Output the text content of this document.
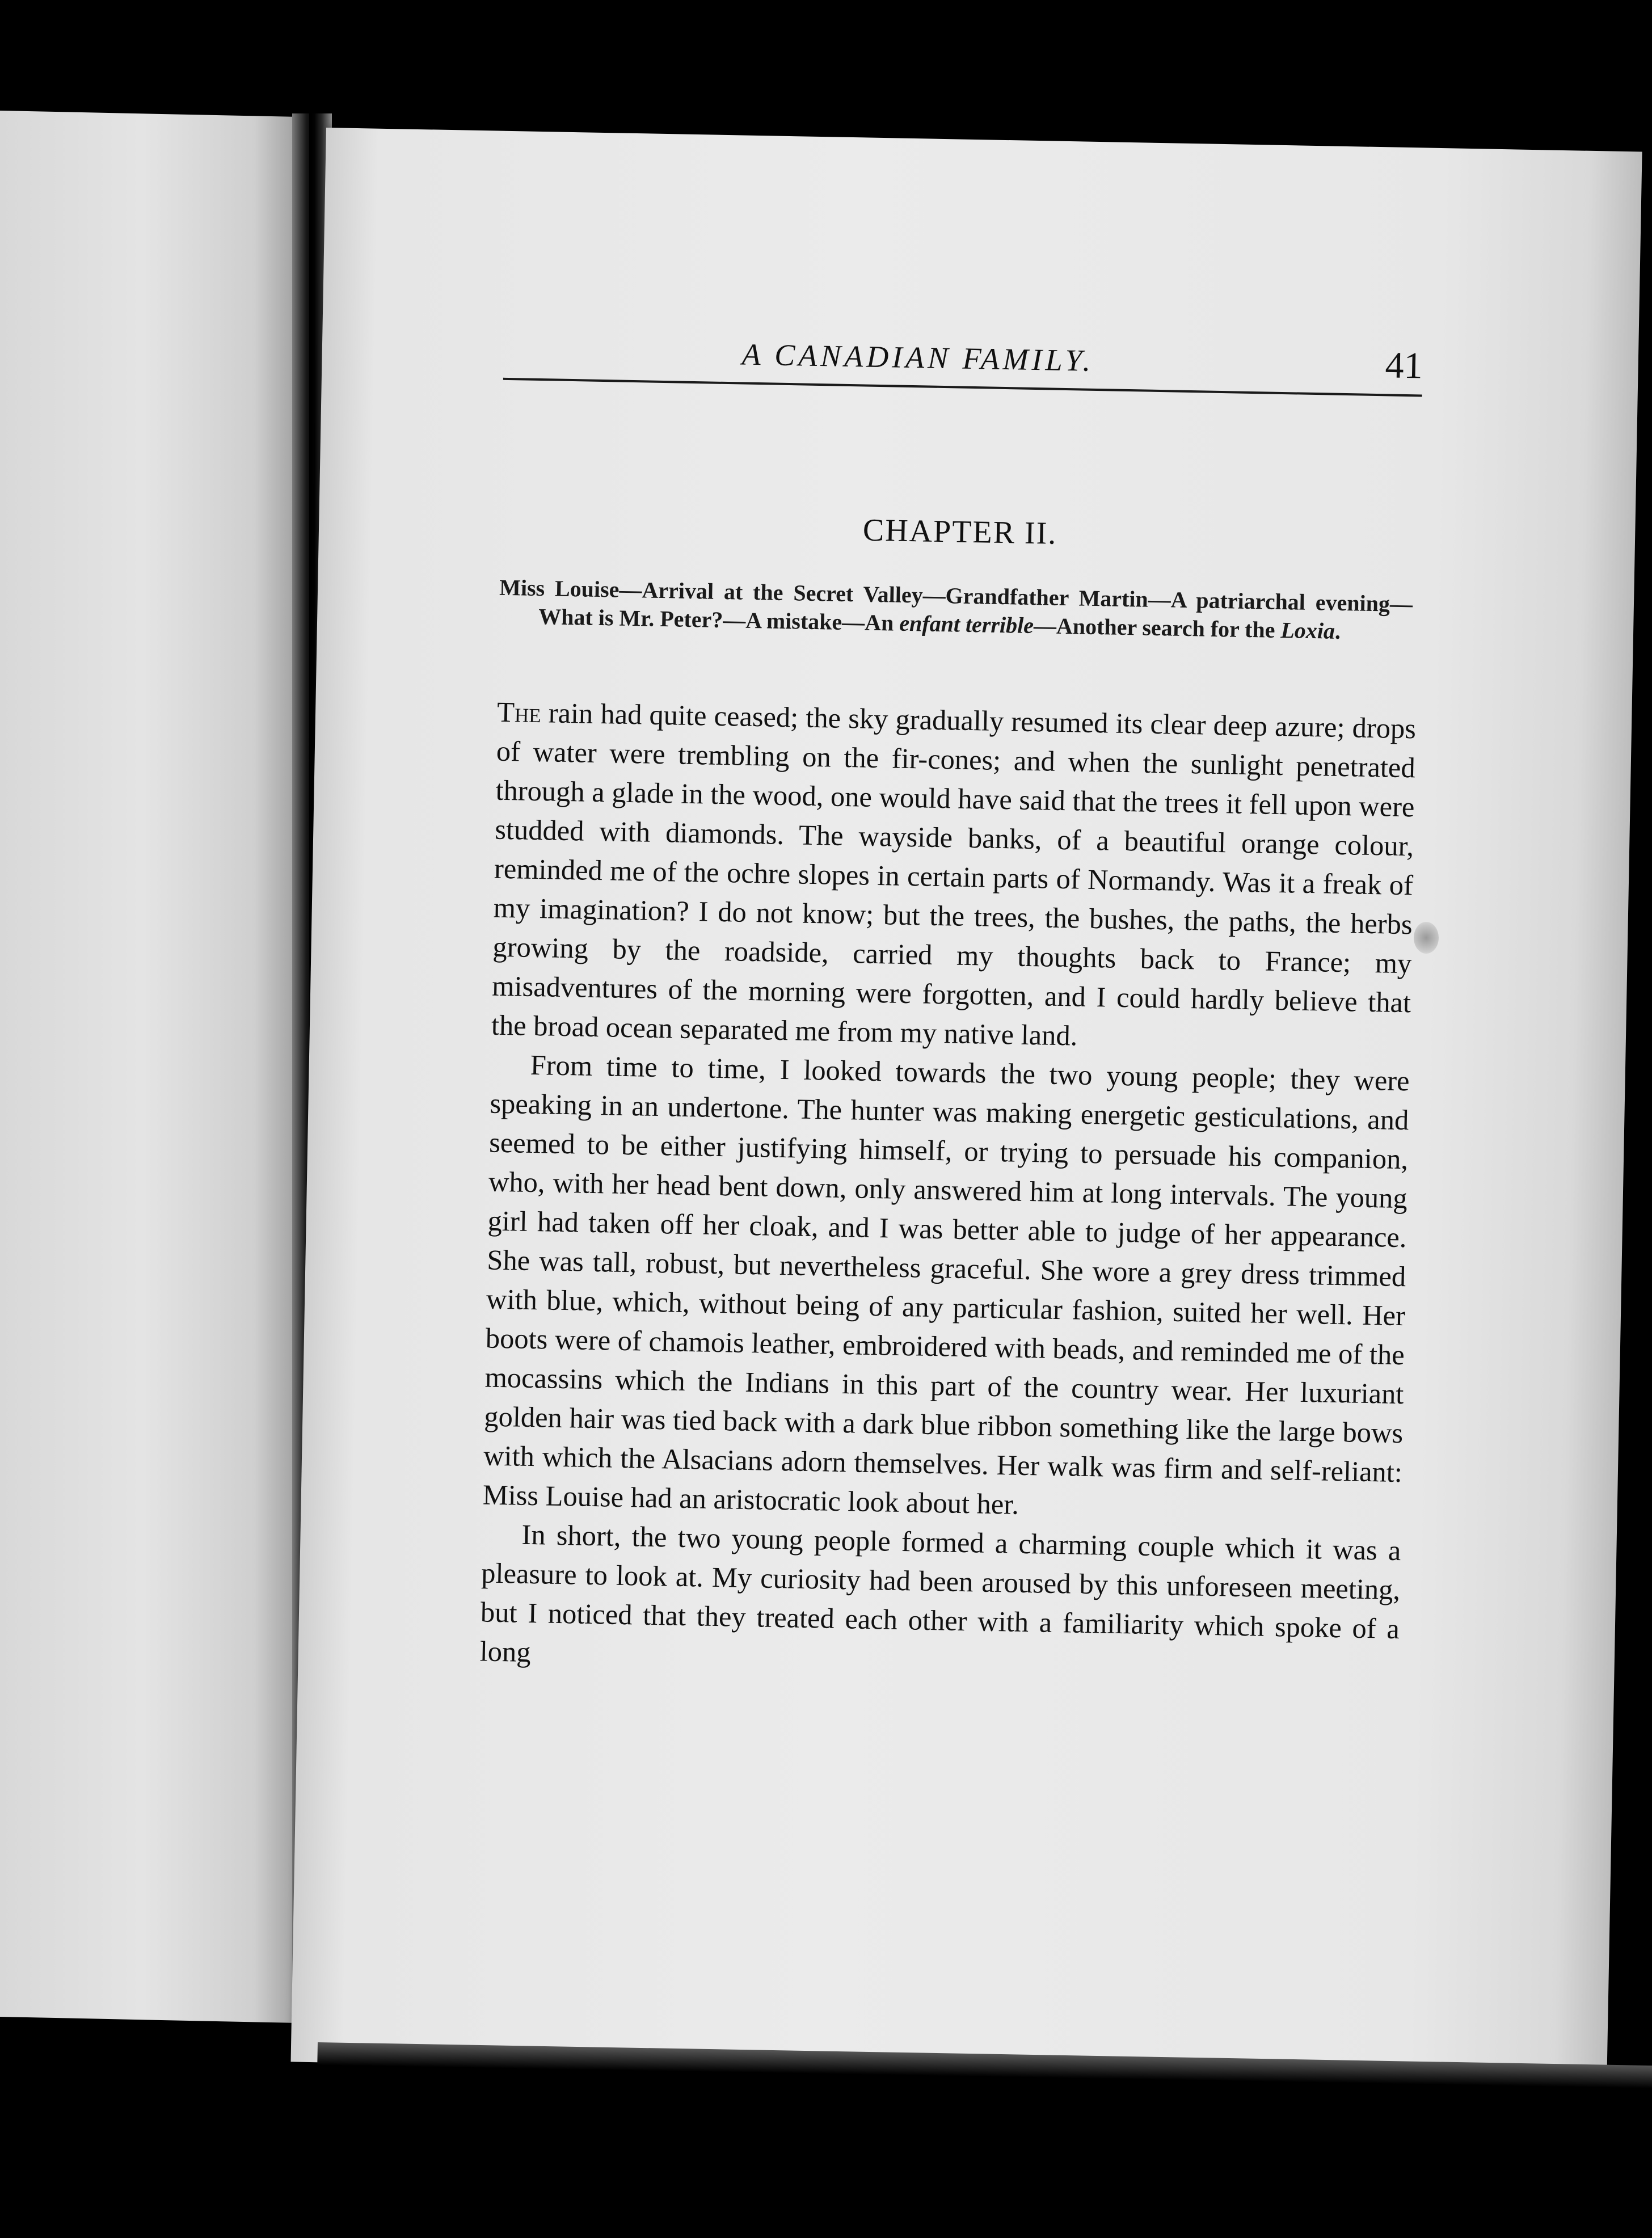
A CANADIAN FAMILY.	41
CHAPTER II.
Miss Louise—Arrival at the Secret Valley—Grandfather Martin—A patriarchal evening—What is Mr. Peter?—A mistake—An enfant terrible—Another search for the Loxia.

The rain had quite ceased; the sky gradually resumed its clear deep azure; drops of water were trembling on the fir-cones; and when the sunlight penetrated through a glade in the wood, one would have said that the trees it fell upon were studded with diamonds. The wayside banks, of a beautiful orange colour, reminded me of the ochre slopes in certain parts of Normandy. Was it a freak of my imagination? I do not know; but the trees, the bushes, the paths, the herbs growing by the roadside, carried my thoughts back to France; my misadventures of the morning were forgotten, and I could hardly believe that the broad ocean separated me from my native land.

From time to time, I looked towards the two young people; they were speaking in an undertone. The hunter was making energetic gesticulations, and seemed to be either justifying himself, or trying to persuade his companion, who, with her head bent down, only answered him at long intervals. The young girl had taken off her cloak, and I was better able to judge of her appearance. She was tall, robust, but nevertheless graceful. She wore a grey dress trimmed with blue, which, without being of any particular fashion, suited her well. Her boots were of chamois leather, embroidered with beads, and reminded me of the mocassins which the Indians in this part of the country wear. Her luxuriant golden hair was tied back with a dark blue ribbon something like the large bows with which the Alsacians adorn themselves. Her walk was firm and self-reliant: Miss Louise had an aristocratic look about her.

In short, the two young people formed a charming couple which it was a pleasure to look at. My curiosity had been aroused by this unforeseen meeting, but I noticed that they treated each other with a familiarity which spoke of a long
